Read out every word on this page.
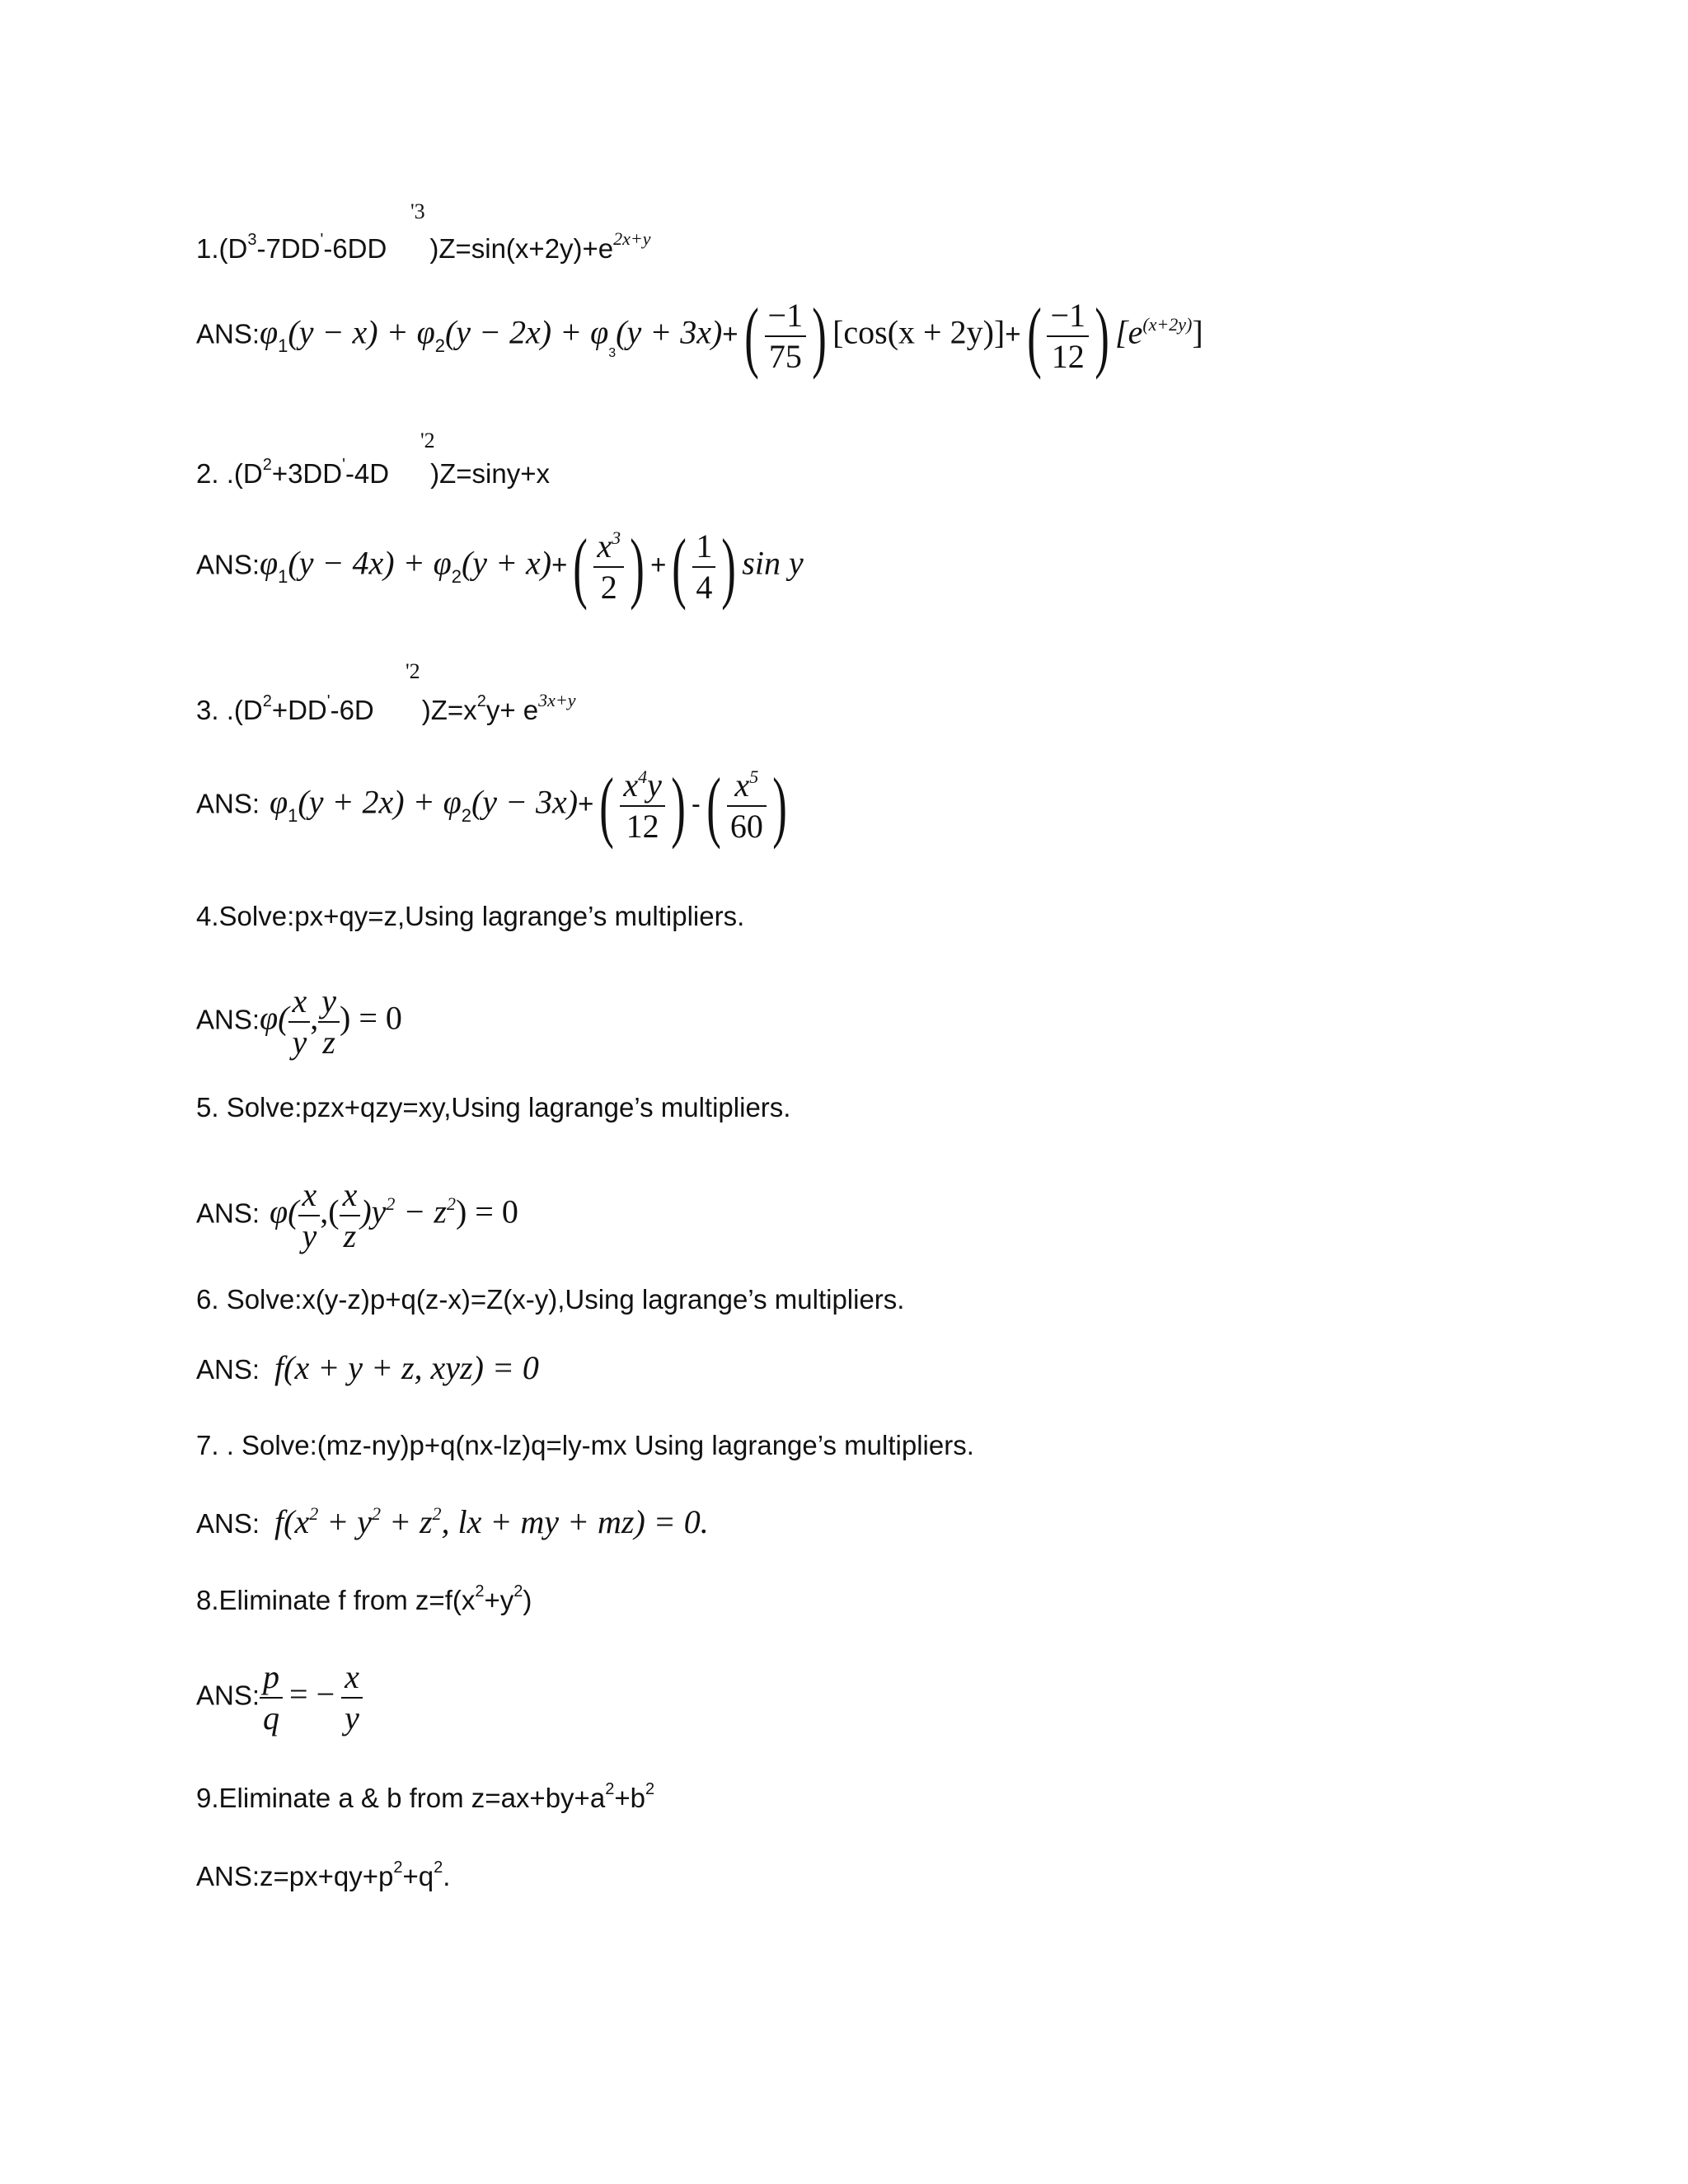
'3
$1.(D^3-7DD'-6DD$ )$Z=\sin(x+2y)+e^{2x+y}$
$ANS:\varphi_1(y - x) + \varphi_2(y - 2x) + \varphi_3(y + 3x)+( \frac{-1}{75}$ ) $[\cos(x + 2y)]+( \frac{-1}{12}$ ) $[e^{(x+2y)}]$
'2
2. $.(D^2+3DD'-4D$ )Z=siny+x
$ANS:\varphi_1(y - 4x) + \varphi_2(y + x)+( \frac{x^3}{2}$ ) +( $\frac{1}{4}$ ) sin y
'2
3. $.(D^2+DD'-6D$ )$Z=x^2y+ e^{3x+y}$
ANS: $\varphi_1(y + 2x) + \varphi_2(y - 3x)+( \frac{x^4y}{12}$ ) -( $\frac{x^5}{60}$ )
4.Solve:px+qy=z,Using lagrange’s multipliers.
ANS:φ( $\frac{x}{y}$ , $\frac{y}{z}$ ) = 0
5. Solve:pzx+qzy=xy,Using lagrange’s multipliers.
ANS: $\varphi( \frac{x}{y}$ ,( $\frac{x}{z} )y^2 - z^2) = 0$
6. Solve:x(y-z)p+q(z-x)=Z(x-y),Using lagrange’s multipliers.
ANS: f(x + y + z, xyz) = 0
7. . Solve:(mz-ny)p+q(nx-lz)q=ly-mx Using lagrange’s multipliers.
ANS: $f(x^2 + y^2 + z^2$, lx + my + mz) = 0.
8.Eliminate f from $z=f(x^2+y^2)$
ANS: $\frac{p}{q}$ = − $\frac{x}{y}$
9.Eliminate a & b from $z=ax+by+a^2+b^2$
$ANS:z=px+qy+p^2+q^2$.
